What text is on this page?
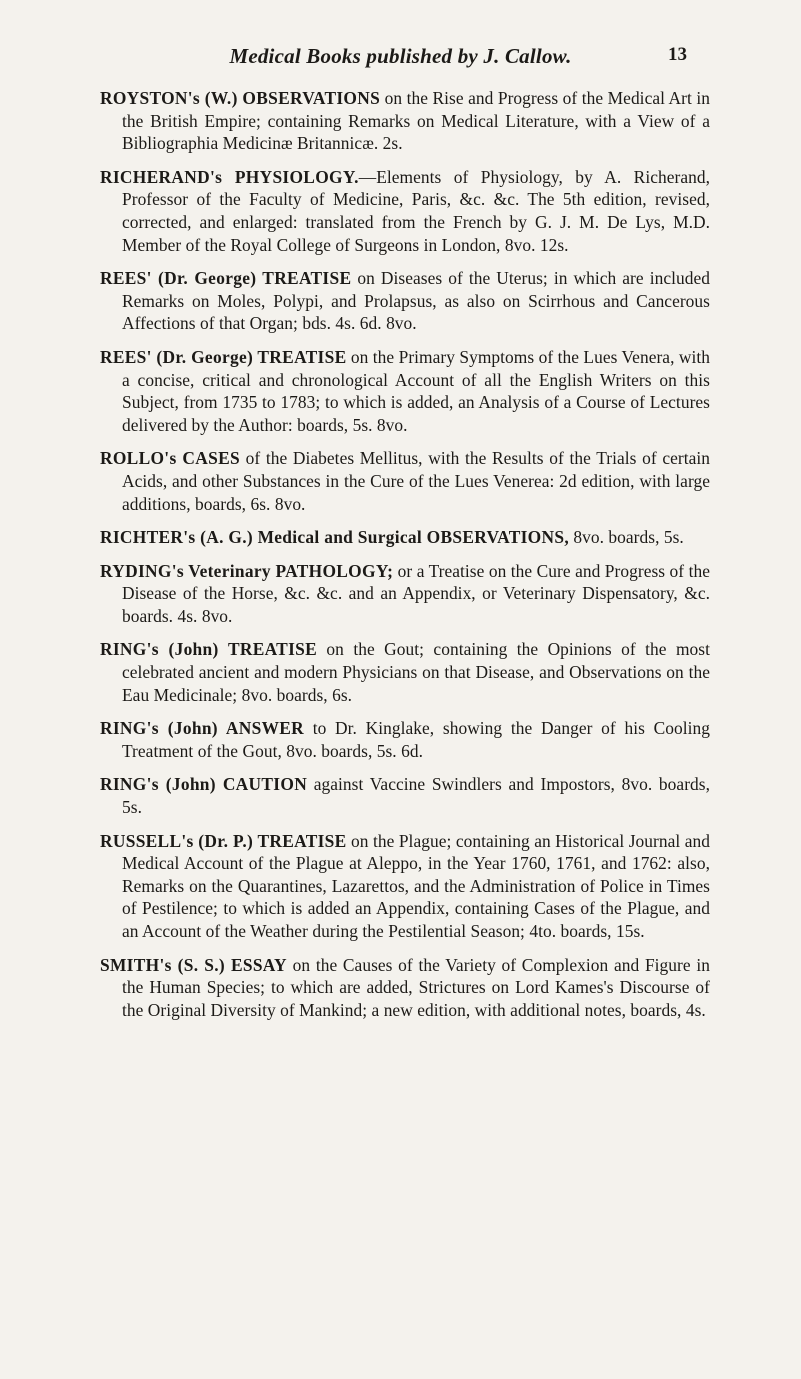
Medical Books published by J. Callow.	13

ROYSTON's (W.) OBSERVATIONS on the Rise and Progress of the Medical Art in the British Empire; containing Remarks on Medical Literature, with a View of a Bibliographia Medicinæ Britannicæ. 2s.

RICHERAND's PHYSIOLOGY.—Elements of Physiology, by A. Richerand, Professor of the Faculty of Medicine, Paris, &c. &c. The 5th edition, revised, corrected, and enlarged: translated from the French by G. J. M. De Lys, M.D. Member of the Royal College of Surgeons in London, 8vo. 12s.

REES' (Dr. George) TREATISE on Diseases of the Uterus; in which are included Remarks on Moles, Polypi, and Prolapsus, as also on Scirrhous and Cancerous Affections of that Organ; bds. 4s. 6d. 8vo.

REES' (Dr. George) TREATISE on the Primary Symptoms of the Lues Venera, with a concise, critical and chronological Account of all the English Writers on this Subject, from 1735 to 1783; to which is added, an Analysis of a Course of Lectures delivered by the Author: boards, 5s. 8vo.

ROLLO's CASES of the Diabetes Mellitus, with the Results of the Trials of certain Acids, and other Substances in the Cure of the Lues Venerea: 2d edition, with large additions, boards, 6s. 8vo.

RICHTER's (A. G.) Medical and Surgical OBSERVATIONS, 8vo. boards, 5s.

RYDING's Veterinary PATHOLOGY; or a Treatise on the Cure and Progress of the Disease of the Horse, &c. &c. and an Appendix, or Veterinary Dispensatory, &c. boards. 4s. 8vo.

RING's (John) TREATISE on the Gout; containing the Opinions of the most celebrated ancient and modern Physicians on that Disease, and Observations on the Eau Medicinale; 8vo. boards, 6s.

RING's (John) ANSWER to Dr. Kinglake, showing the Danger of his Cooling Treatment of the Gout, 8vo. boards, 5s. 6d.

RING's (John) CAUTION against Vaccine Swindlers and Impostors, 8vo. boards, 5s.

RUSSELL's (Dr. P.) TREATISE on the Plague; containing an Historical Journal and Medical Account of the Plague at Aleppo, in the Year 1760, 1761, and 1762: also, Remarks on the Quarantines, Lazarettos, and the Administration of Police in Times of Pestilence; to which is added an Appendix, containing Cases of the Plague, and an Account of the Weather during the Pestilential Season; 4to. boards, 15s.

SMITH's (S. S.) ESSAY on the Causes of the Variety of Complexion and Figure in the Human Species; to which are added, Strictures on Lord Kames's Discourse of the Original Diversity of Mankind; a new edition, with additional notes, boards, 4s.
